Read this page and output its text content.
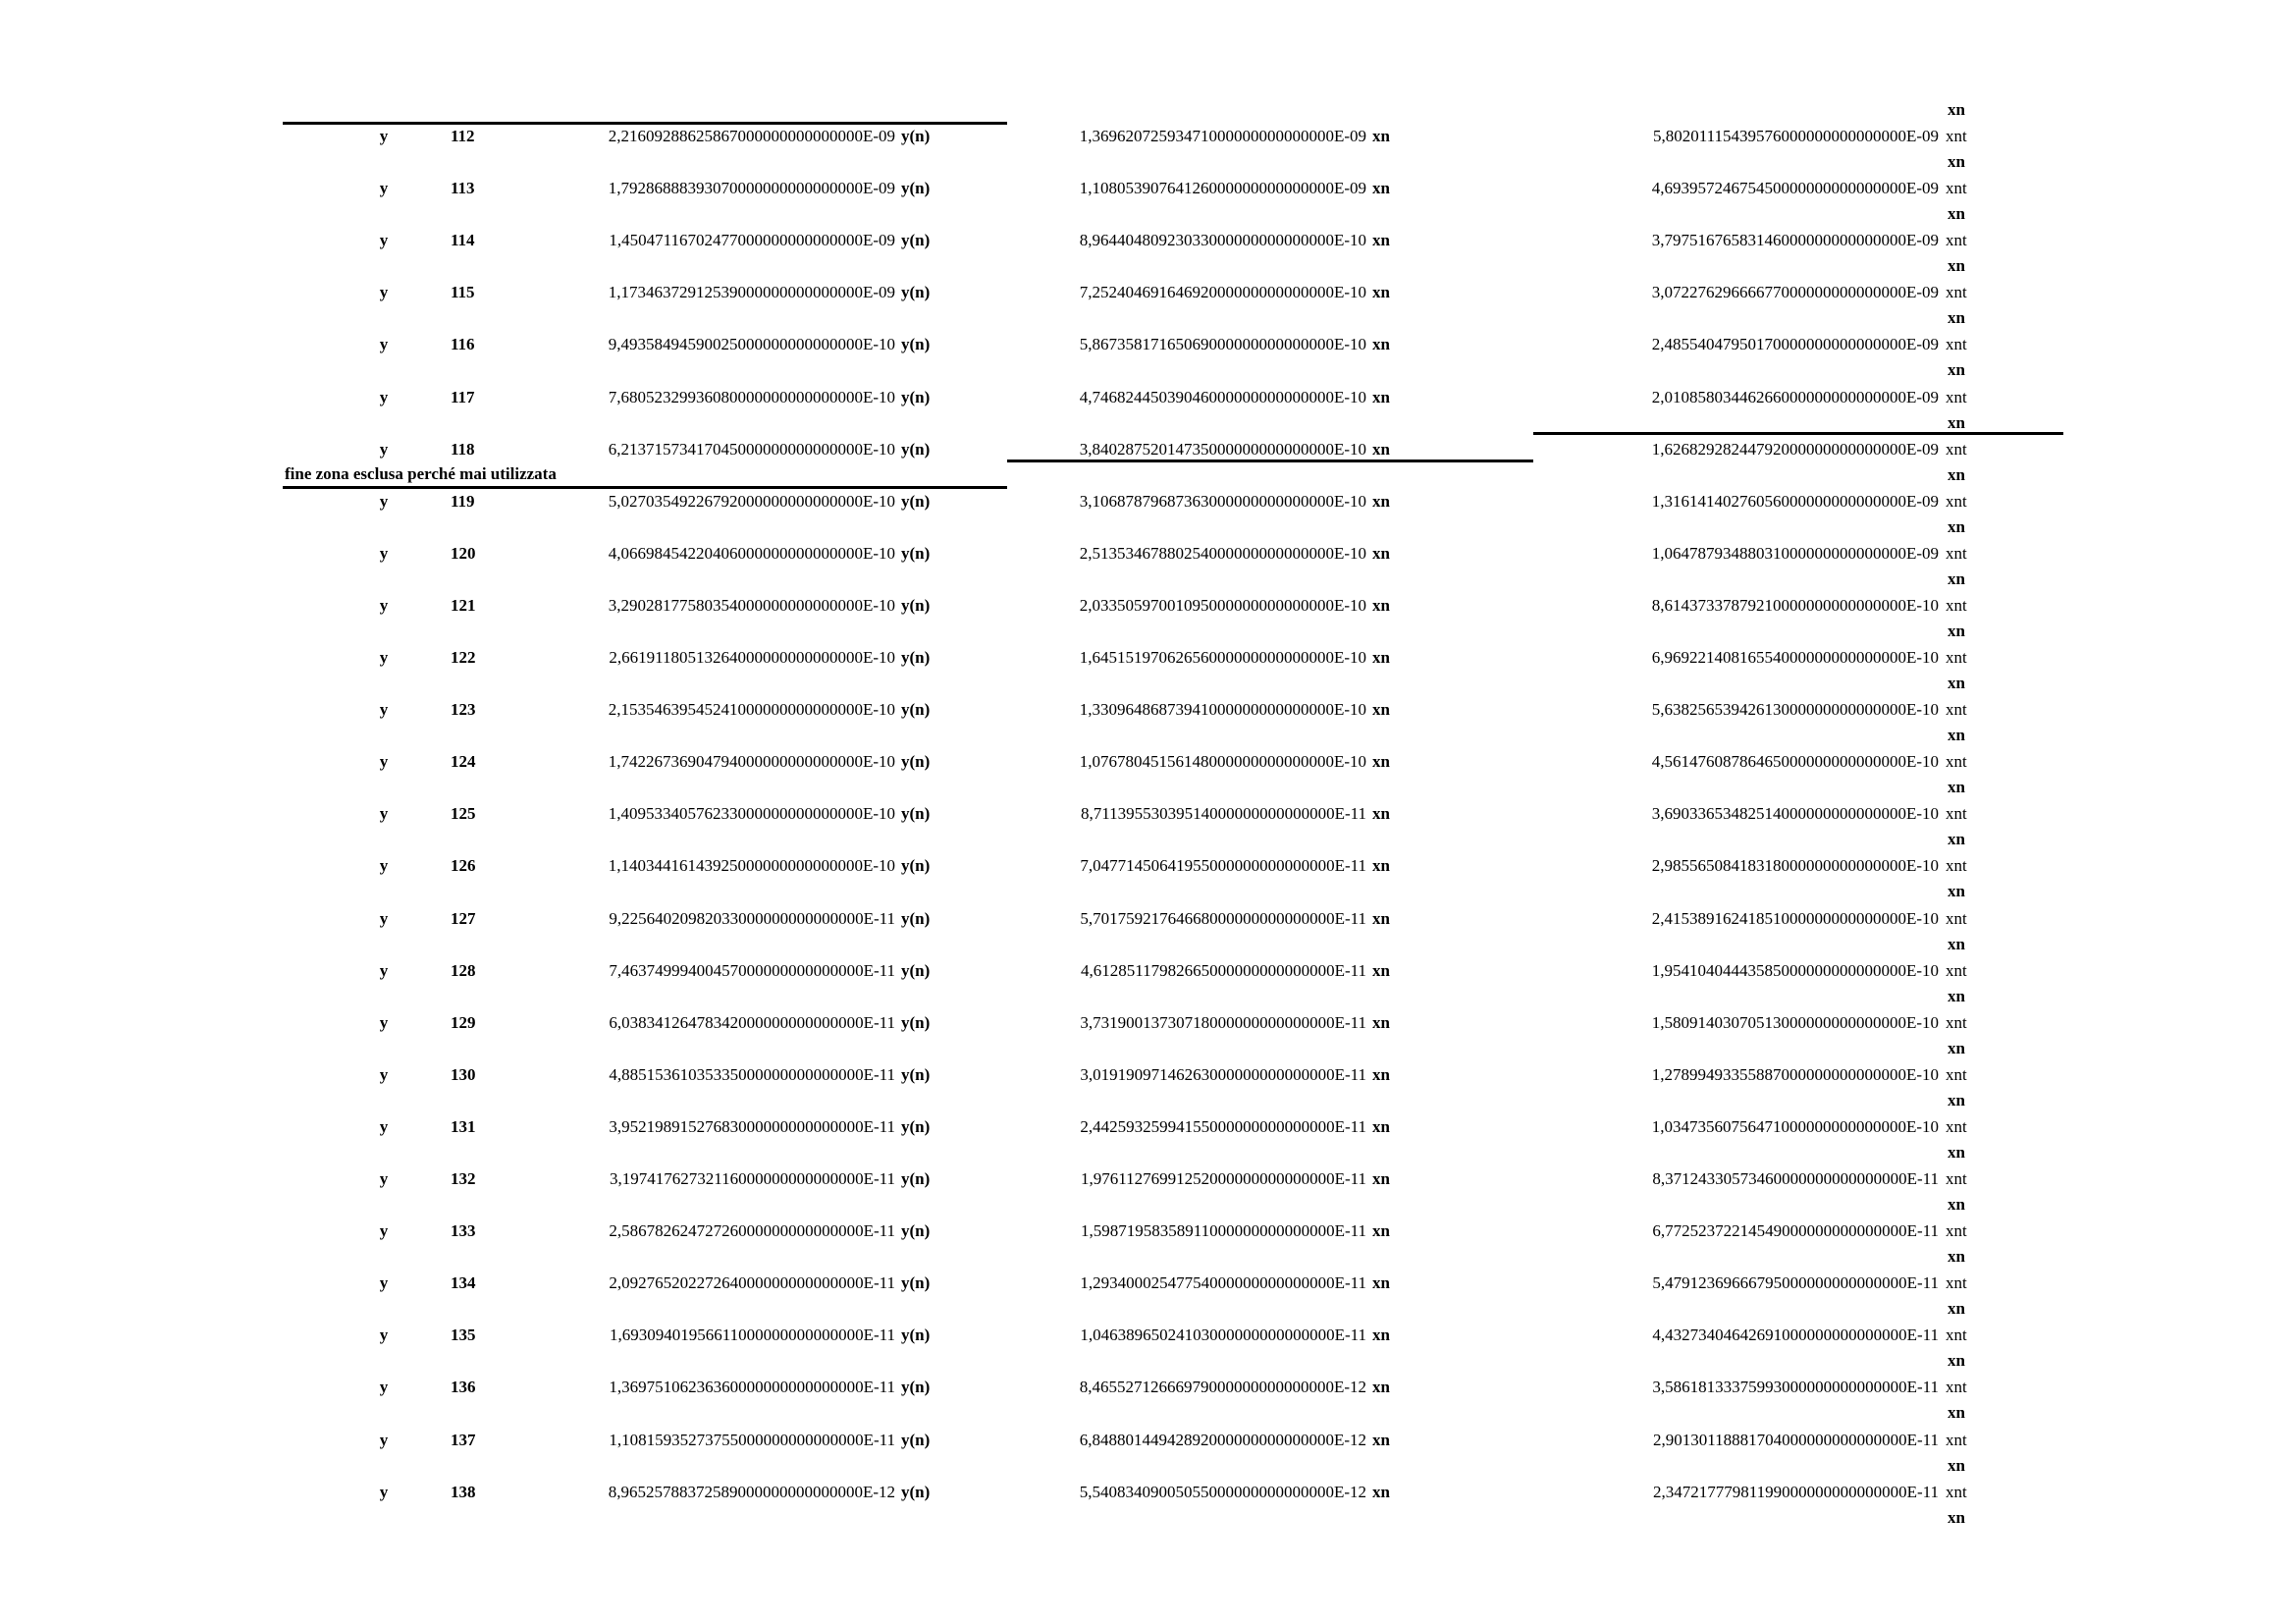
xn
fine zona esclusa perché mai utilizzata
y	112	2,21609288625867000000000000000E-09 y(n)	1,36962072593471000000000000000E-09 xn	5,80201115439576000000000000000E-09 xnt
xn
y	113	1,79286888393070000000000000000E-09 y(n)	1,10805390764126000000000000000E-09 xn	4,69395724675450000000000000000E-09 xnt
xn
y	114	1,45047116702477000000000000000E-09 y(n)	8,96440480923033000000000000000E-10 xn	3,79751676583146000000000000000E-09 xnt
xn
y	115	1,17346372912539000000000000000E-09 y(n)	7,25240469164692000000000000000E-10 xn	3,07227629666677000000000000000E-09 xnt
xn
y	116	9,49358494590025000000000000000E-10 y(n)	5,86735817165069000000000000000E-10 xn	2,48554047950170000000000000000E-09 xnt
xn
y	117	7,68052329936080000000000000000E-10 y(n)	4,74682445039046000000000000000E-10 xn	2,01085803446266000000000000000E-09 xnt
xn
y	118	6,21371573417045000000000000000E-10 y(n)	3,84028752014735000000000000000E-10 xn	1,62682928244792000000000000000E-09 xnt
xn
y	119	5,02703549226792000000000000000E-10 y(n)	3,10687879687363000000000000000E-10 xn	1,31614140276056000000000000000E-09 xnt
xn
y	120	4,06698454220406000000000000000E-10 y(n)	2,51353467880254000000000000000E-10 xn	1,06478793488031000000000000000E-09 xnt
xn
y	121	3,29028177580354000000000000000E-10 y(n)	2,03350597001095000000000000000E-10 xn	8,61437337879210000000000000000E-10 xnt
xn
y	122	2,66191180513264000000000000000E-10 y(n)	1,64515197062656000000000000000E-10 xn	6,96922140816554000000000000000E-10 xnt
xn
y	123	2,15354639545241000000000000000E-10 y(n)	1,33096486873941000000000000000E-10 xn	5,63825653942613000000000000000E-10 xnt
xn
y	124	1,74226736904794000000000000000E-10 y(n)	1,07678045156148000000000000000E-10 xn	4,56147608786465000000000000000E-10 xnt
xn
y	125	1,40953340576233000000000000000E-10 y(n)	8,71139553039514000000000000000E-11 xn	3,69033653482514000000000000000E-10 xnt
xn
y	126	1,14034416143925000000000000000E-10 y(n)	7,04771450641955000000000000000E-11 xn	2,98556508418318000000000000000E-10 xnt
xn
y	127	9,22564020982033000000000000000E-11 y(n)	5,70175921764668000000000000000E-11 xn	2,41538916241851000000000000000E-10 xnt
xn
y	128	7,46374999400457000000000000000E-11 y(n)	4,61285117982665000000000000000E-11 xn	1,95410404443585000000000000000E-10 xnt
xn
y	129	6,03834126478342000000000000000E-11 y(n)	3,73190013730718000000000000000E-11 xn	1,58091403070513000000000000000E-10 xnt
xn
y	130	4,88515361035335000000000000000E-11 y(n)	3,01919097146263000000000000000E-11 xn	1,27899493355887000000000000000E-10 xnt
xn
y	131	3,95219891527683000000000000000E-11 y(n)	2,44259325994155000000000000000E-11 xn	1,03473560756471000000000000000E-10 xnt
xn
y	132	3,19741762732116000000000000000E-11 y(n)	1,97611276991252000000000000000E-11 xn	8,37124330573460000000000000000E-11 xnt
xn
y	133	2,58678262472726000000000000000E-11 y(n)	1,59871958358911000000000000000E-11 xn	6,77252372214549000000000000000E-11 xnt
xn
y	134	2,09276520227264000000000000000E-11 y(n)	1,29340002547754000000000000000E-11 xn	5,47912369666795000000000000000E-11 xnt
xn
y	135	1,69309401956611000000000000000E-11 y(n)	1,04638965024103000000000000000E-11 xn	4,43273404642691000000000000000E-11 xnt
xn
y	136	1,36975106236360000000000000000E-11 y(n)	8,46552712666979000000000000000E-12 xn	3,58618133375993000000000000000E-11 xnt
xn
y	137	1,10815935273755000000000000000E-11 y(n)	6,84880144942892000000000000000E-12 xn	2,90130118881704000000000000000E-11 xnt
xn
y	138	8,96525788372589000000000000000E-12 y(n)	5,54083409005055000000000000000E-12 xn	2,34721777981199000000000000000E-11 xnt
xn
